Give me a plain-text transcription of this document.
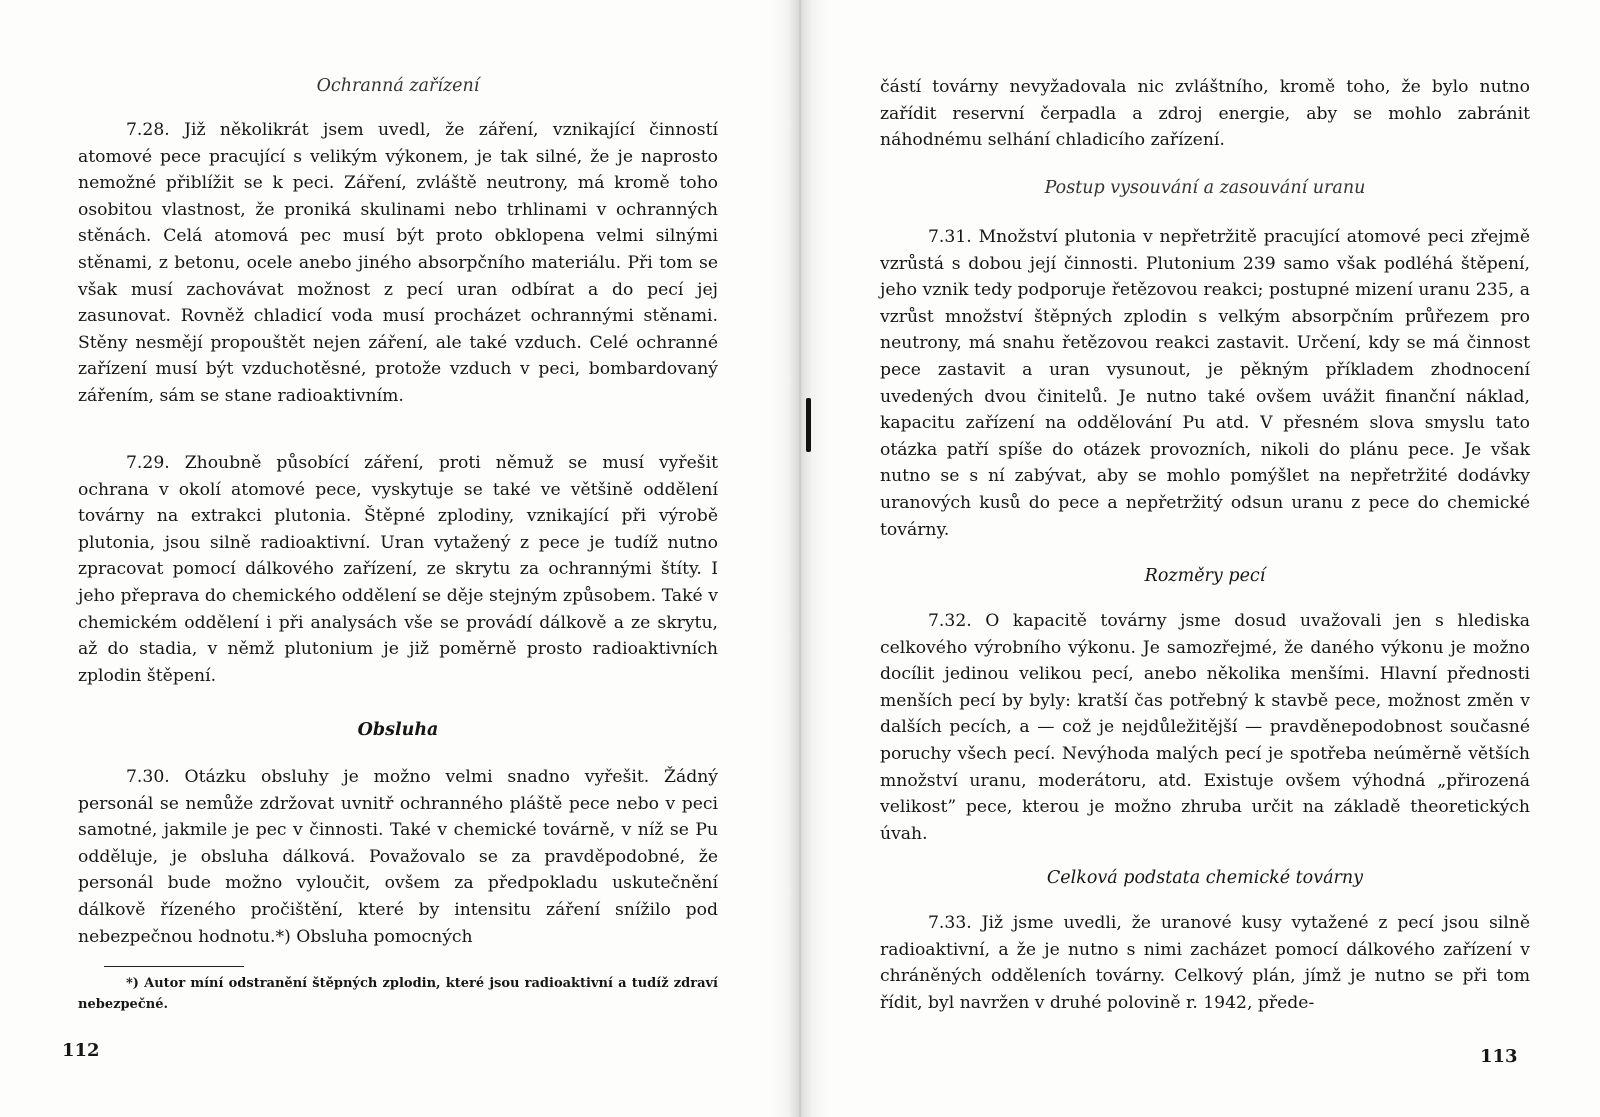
Ochranná zařízení

7.28. Již několikrát jsem uvedl, že záření, vznikající činností atomové pece pracující s velikým výkonem, je tak silné, že je naprosto nemožné přiblížit se k peci. Záření, zvláště neutrony, má kromě toho osobitou vlastnost, že proniká skulinami nebo trhlinami v ochranných stěnách. Celá atomová pec musí být proto obklopena velmi silnými stěnami, z betonu, ocele anebo jiného absorpčního materiálu. Při tom se však musí zachovávat možnost z pecí uran odbírat a do pecí jej zasunovat. Rovněž chladicí voda musí procházet ochrannými stěnami. Stěny nesmějí propouštět nejen záření, ale také vzduch. Celé ochranné zařízení musí být vzduchotěsné, protože vzduch v peci, bombardovaný zářením, sám se stane radioaktivním.

7.29. Zhoubně působící záření, proti němuž se musí vyřešit ochrana v okolí atomové pece, vyskytuje se také ve většině oddělení továrny na extrakci plutonia. Štěpné zplodiny, vznikající při výrobě plutonia, jsou silně radioaktivní. Uran vytažený z pece je tudíž nutno zpracovat pomocí dálkového zařízení, ze skrytu za ochrannými štíty. I jeho přeprava do chemického oddělení se děje stejným způsobem. Také v chemickém oddělení i při analysách vše se provádí dálkově a ze skrytu, až do stadia, v němž plutonium je již poměrně prosto radioaktivních zplodin štěpení.

Obsluha

7.30. Otázku obsluhy je možno velmi snadno vyřešit. Žádný personál se nemůže zdržovat uvnitř ochranného pláště pece nebo v peci samotné, jakmile je pec v činnosti. Také v chemické továrně, v níž se Pu odděluje, je obsluha dálková. Považovalo se za pravděpodobné, že personál bude možno vyloučit, ovšem za předpokladu uskutečnění dálkově řízeného pročištění, které by intensitu záření snížilo pod nebezpečnou hodnotu.*) Obsluha pomocných

*) Autor míní odstranění štěpných zplodin, které jsou radioaktivní a tudíž zdraví nebezpečné.

112

částí továrny nevyžadovala nic zvláštního, kromě toho, že bylo nutno zařídit reservní čerpadla a zdroj energie, aby se mohlo zabránit náhodnému selhání chladicího zařízení.

Postup vysouvání a zasouvání uranu

7.31. Množství plutonia v nepřetržitě pracující atomové peci zřejmě vzrůstá s dobou její činnosti. Plutonium 239 samo však podléhá štěpení, jeho vznik tedy podporuje řetězovou reakci; postupné mizení uranu 235, a vzrůst množství štěpných zplodin s velkým absorpčním průřezem pro neutrony, má snahu řetězovou reakci zastavit. Určení, kdy se má činnost pece zastavit a uran vysunout, je pěkným příkladem zhodnocení uvedených dvou činitelů. Je nutno také ovšem uvážit finanční náklad, kapacitu zařízení na oddělování Pu atd. V přesném slova smyslu tato otázka patří spíše do otázek provozních, nikoli do plánu pece. Je však nutno se s ní zabývat, aby se mohlo pomýšlet na nepřetržité dodávky uranových kusů do pece a nepřetržitý odsun uranu z pece do chemické továrny.

Rozměry pecí

7.32. O kapacitě továrny jsme dosud uvažovali jen s hlediska celkového výrobního výkonu. Je samozřejmé, že daného výkonu je možno docílit jedinou velikou pecí, anebo několika menšími. Hlavní přednosti menších pecí by byly: kratší čas potřebný k stavbě pece, možnost změn v dalších pecích, a — což je nejdůležitější — pravděnepodobnost současné poruchy všech pecí. Nevýhoda malých pecí je spotřeba neúměrně větších množství uranu, moderátoru, atd. Existuje ovšem výhodná „přirozená velikost” pece, kterou je možno zhruba určit na základě theoretických úvah.

Celková podstata chemické továrny

7.33. Již jsme uvedli, že uranové kusy vytažené z pecí jsou silně radioaktivní, a že je nutno s nimi zacházet pomocí dálkového zařízení v chráněných odděleních továrny. Celkový plán, jímž je nutno se při tom řídit, byl navržen v druhé polovině r. 1942, přede-

113
